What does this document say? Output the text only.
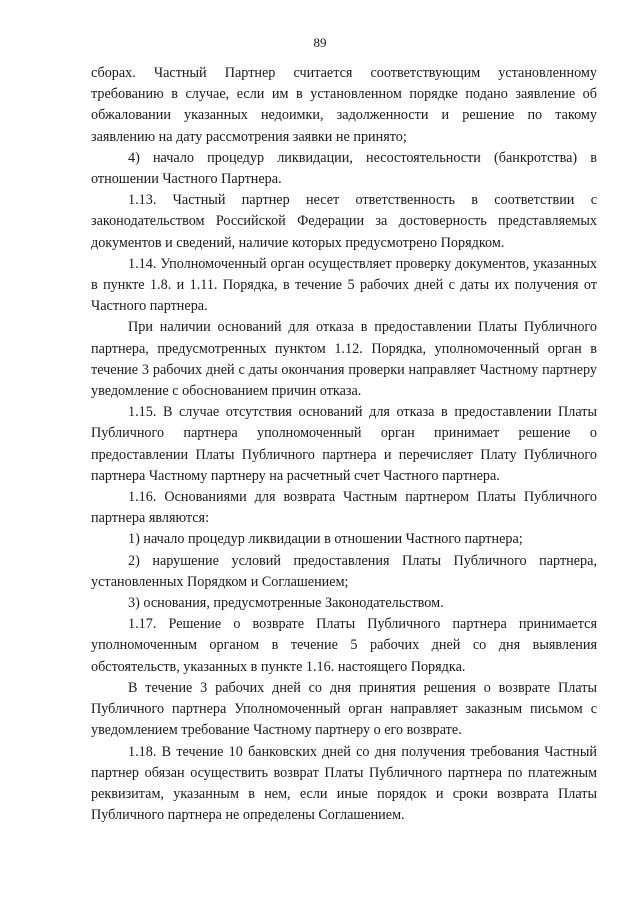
89

сборах. Частный Партнер считается соответствующим установленному требованию в случае, если им в установленном порядке подано заявление об обжаловании указанных недоимки, задолженности и решение по такому заявлению на дату рассмотрения заявки не принято;

4) начало процедур ликвидации, несостоятельности (банкротства) в отношении Частного Партнера.

1.13. Частный партнер несет ответственность в соответствии с законодательством Российской Федерации за достоверность представляемых документов и сведений, наличие которых предусмотрено Порядком.

1.14. Уполномоченный орган осуществляет проверку документов, указанных в пункте 1.8. и 1.11. Порядка, в течение 5 рабочих дней с даты их получения от Частного партнера.

При наличии оснований для отказа в предоставлении Платы Публичного партнера, предусмотренных пунктом 1.12. Порядка, уполномоченный орган в течение 3 рабочих дней с даты окончания проверки направляет Частному партнеру уведомление с обоснованием причин отказа.

1.15. В случае отсутствия оснований для отказа в предоставлении Платы Публичного партнера уполномоченный орган принимает решение о предоставлении Платы Публичного партнера и перечисляет Плату Публичного партнера Частному партнеру на расчетный счет Частного партнера.

1.16. Основаниями для возврата Частным партнером Платы Публичного партнера являются:

1) начало процедур ликвидации в отношении Частного партнера;

2) нарушение условий предоставления Платы Публичного партнера, установленных Порядком и Соглашением;

3) основания, предусмотренные Законодательством.

1.17. Решение о возврате Платы Публичного партнера принимается уполномоченным органом в течение 5 рабочих дней со дня выявления обстоятельств, указанных в пункте 1.16. настоящего Порядка.

В течение 3 рабочих дней со дня принятия решения о возврате Платы Публичного партнера Уполномоченный орган направляет заказным письмом с уведомлением требование Частному партнеру о его возврате.

1.18. В течение 10 банковских дней со дня получения требования Частный партнер обязан осуществить возврат Платы Публичного партнера по платежным реквизитам, указанным в нем, если иные порядок и сроки возврата Платы Публичного партнера не определены Соглашением.
